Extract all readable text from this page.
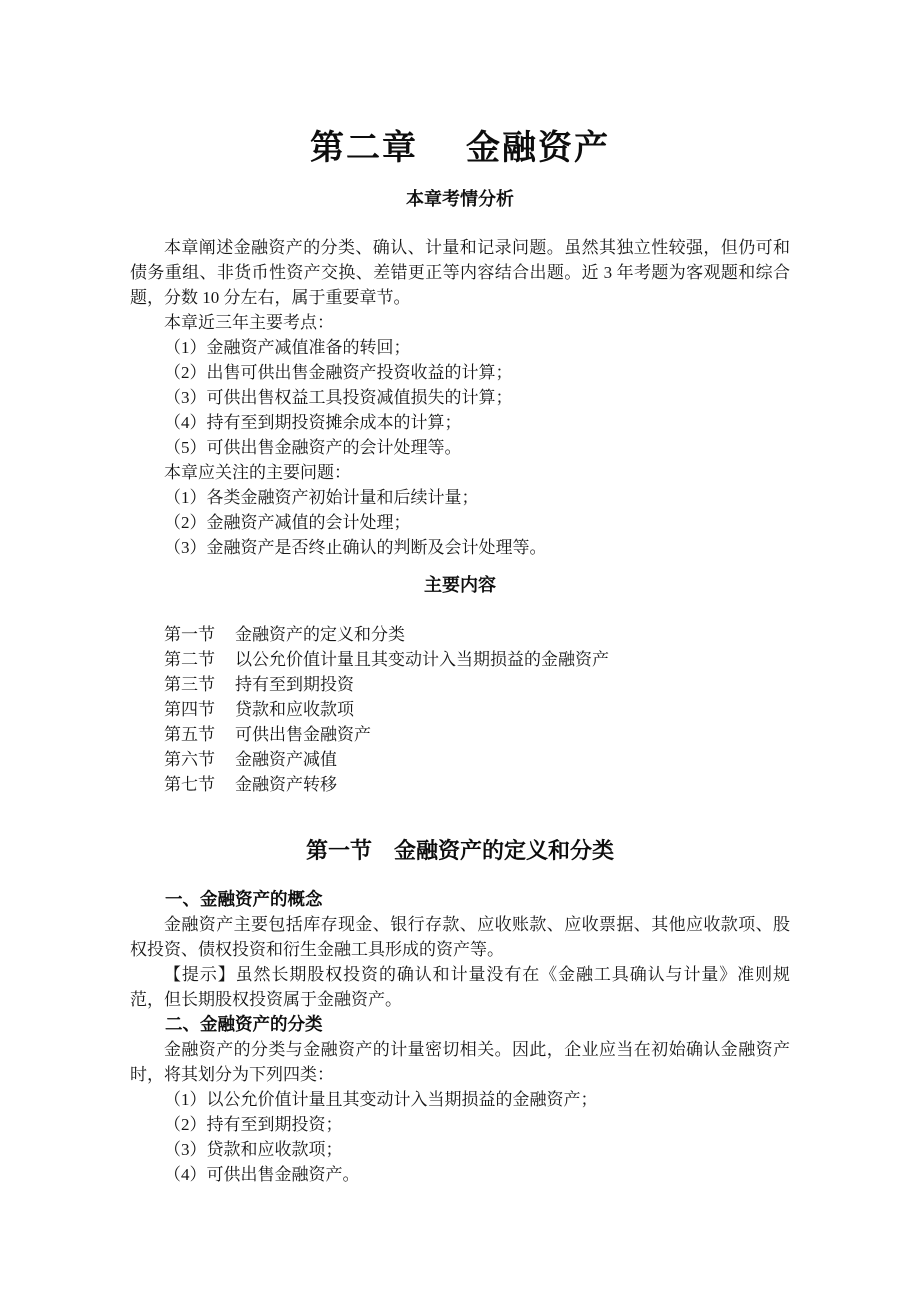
第二章 金融资产

本章考情分析

本章阐述金融资产的分类、确认、计量和记录问题。虽然其独立性较强，但仍可和债务重组、非货币性资产交换、差错更正等内容结合出题。近 3 年考题为客观题和综合题，分数 10 分左右，属于重要章节。

本章近三年主要考点：

（1）金融资产减值准备的转回；

（2）出售可供出售金融资产投资收益的计算；

（3）可供出售权益工具投资减值损失的计算；

（4）持有至到期投资摊余成本的计算；

（5）可供出售金融资产的会计处理等。

本章应关注的主要问题：

（1）各类金融资产初始计量和后续计量；

（2）金融资产减值的会计处理；

（3）金融资产是否终止确认的判断及会计处理等。

主要内容

第一节 金融资产的定义和分类

第二节 以公允价值计量且其变动计入当期损益的金融资产

第三节 持有至到期投资

第四节 贷款和应收款项

第五节 可供出售金融资产

第六节 金融资产减值

第七节 金融资产转移

第一节 金融资产的定义和分类

一、金融资产的概念

金融资产主要包括库存现金、银行存款、应收账款、应收票据、其他应收款项、股权投资、债权投资和衍生金融工具形成的资产等。

【提示】虽然长期股权投资的确认和计量没有在《金融工具确认与计量》准则规范，但长期股权投资属于金融资产。

二、金融资产的分类

金融资产的分类与金融资产的计量密切相关。因此，企业应当在初始确认金融资产时，将其划分为下列四类：

（1）以公允价值计量且其变动计入当期损益的金融资产；

（2）持有至到期投资；

（3）贷款和应收款项；

（4）可供出售金融资产。
